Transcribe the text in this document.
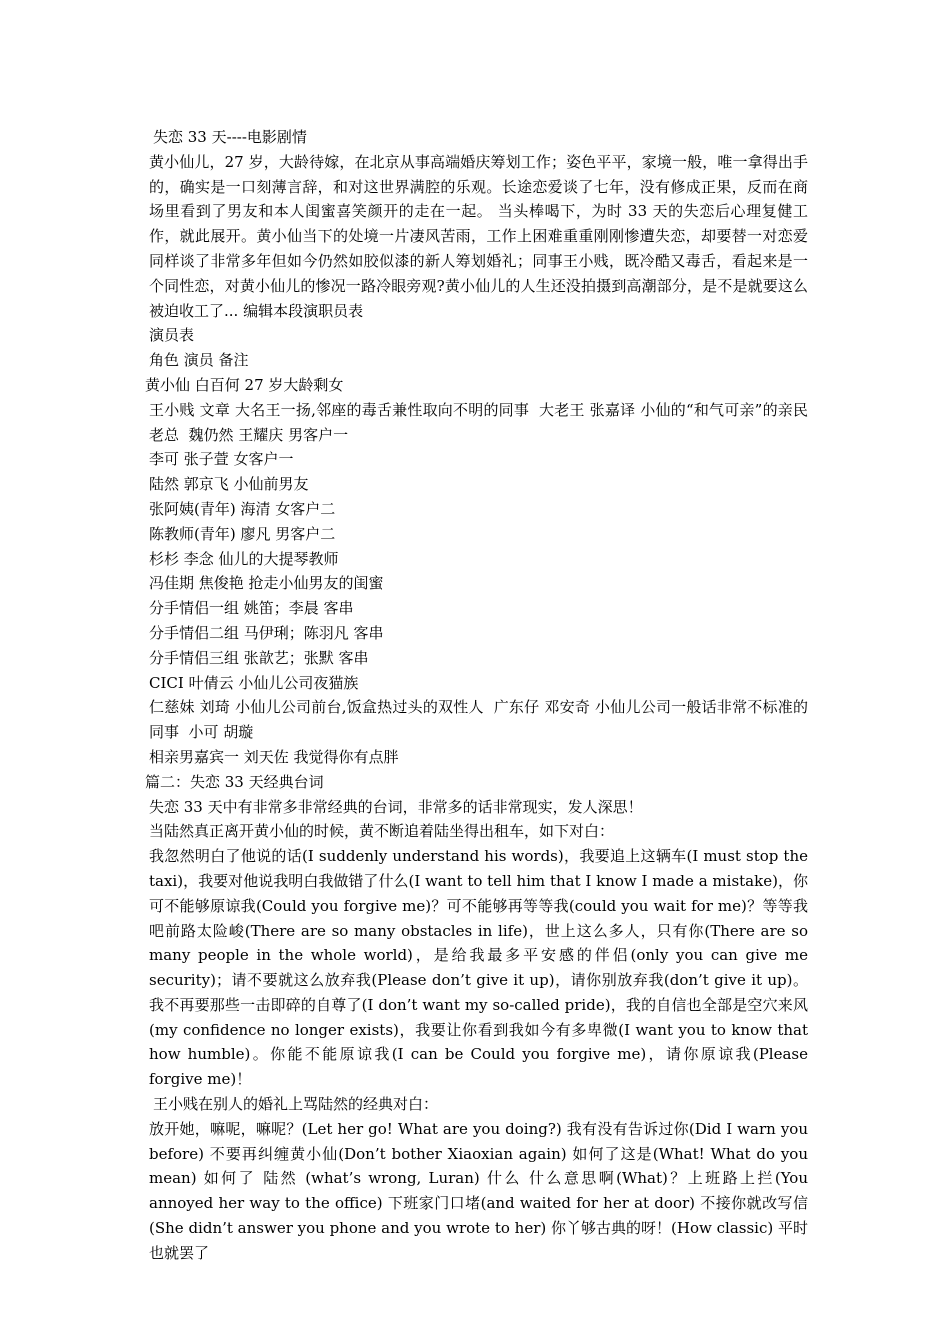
失恋 33 天----电影剧情

黄小仙儿，27 岁，大龄待嫁，在北京从事高端婚庆筹划工作；姿色平平，家境一般，唯一拿得出手的，确实是一口刻薄言辞，和对这世界满腔的乐观。长途恋爱谈了七年，没有修成正果，反而在商场里看到了男友和本人闺蜜喜笑颜开的走在一起。 当头棒喝下，为时 33 天的失恋后心理复健工作，就此展开。黄小仙当下的处境一片凄风苦雨，工作上困难重重刚刚惨遭失恋，却要替一对恋爱同样谈了非常多年但如今仍然如胶似漆的新人筹划婚礼；同事王小贱，既冷酷又毒舌，看起来是一个同性恋，对黄小仙儿的惨况一路冷眼旁观?黄小仙儿的人生还没拍摄到高潮部分，是不是就要这么被迫收工了... 编辑本段演职员表

演员表

角色 演员 备注

黄小仙 白百何 27 岁大龄剩女

王小贱 文章 大名王一扬,邻座的毒舌兼性取向不明的同事  大老王 张嘉译 小仙的“和气可亲”的亲民老总  魏仍然 王耀庆 男客户一

李可 张子萱 女客户一

陆然 郭京飞 小仙前男友

张阿姨(青年) 海清 女客户二

陈教师(青年) 廖凡 男客户二

杉杉 李念 仙儿的大提琴教师

冯佳期 焦俊艳 抢走小仙男友的闺蜜

分手情侣一组 姚笛；李晨 客串

分手情侣二组 马伊琍；陈羽凡 客串

分手情侣三组 张歆艺；张默 客串

CICI 叶倩云 小仙儿公司夜猫族

仁慈妹 刘琦 小仙儿公司前台,饭盒热过头的双性人  广东仔 邓安奇 小仙儿公司一般话非常不标准的同事  小可 胡璇

相亲男嘉宾一 刘天佐 我觉得你有点胖

篇二：失恋 33 天经典台词

失恋 33 天中有非常多非常经典的台词，非常多的话非常现实，发人深思！

当陆然真正离开黄小仙的时候，黄不断追着陆坐得出租车，如下对白：

我忽然明白了他说的话(I suddenly understand his words)，我要追上这辆车(I must stop the taxi)，我要对他说我明白我做错了什么(I want to tell him that I know I made a mistake)，你可不能够原谅我(Could you forgive me)？可不能够再等等我(could you wait for me)？等等我吧前路太险峻(There are so many obstacles in life)，世上这么多人，只有你(There are so many people in the whole world)，是给我最多平安感的伴侣(only you can give me security)；请不要就这么放弃我(Please don’t give it up)，请你别放弃我(don’t give it up)。我不再要那些一击即碎的自尊了(I don’t want my so-called pride)，我的自信也全部是空穴来风(my confidence no longer exists)，我要让你看到我如今有多卑微(I want you to know that how humble)。你能不能原谅我(I can be Could you forgive me)，请你原谅我(Please forgive me)！

王小贱在别人的婚礼上骂陆然的经典对白：

放开她，嘛呢，嘛呢？(Let her go! What are you doing?) 我有没有告诉过你(Did I warn you before) 不要再纠缠黄小仙(Don’t bother Xiaoxian again) 如何了这是(What! What do you mean) 如何了 陆然 (what’s wrong, Luran) 什么 什么意思啊(What)？上班路上拦(You annoyed her way to the office) 下班家门口堵(and waited for her at door) 不接你就改写信(She didn’t answer you phone and you wrote to her) 你丫够古典的呀！(How classic) 平时也就罢了
